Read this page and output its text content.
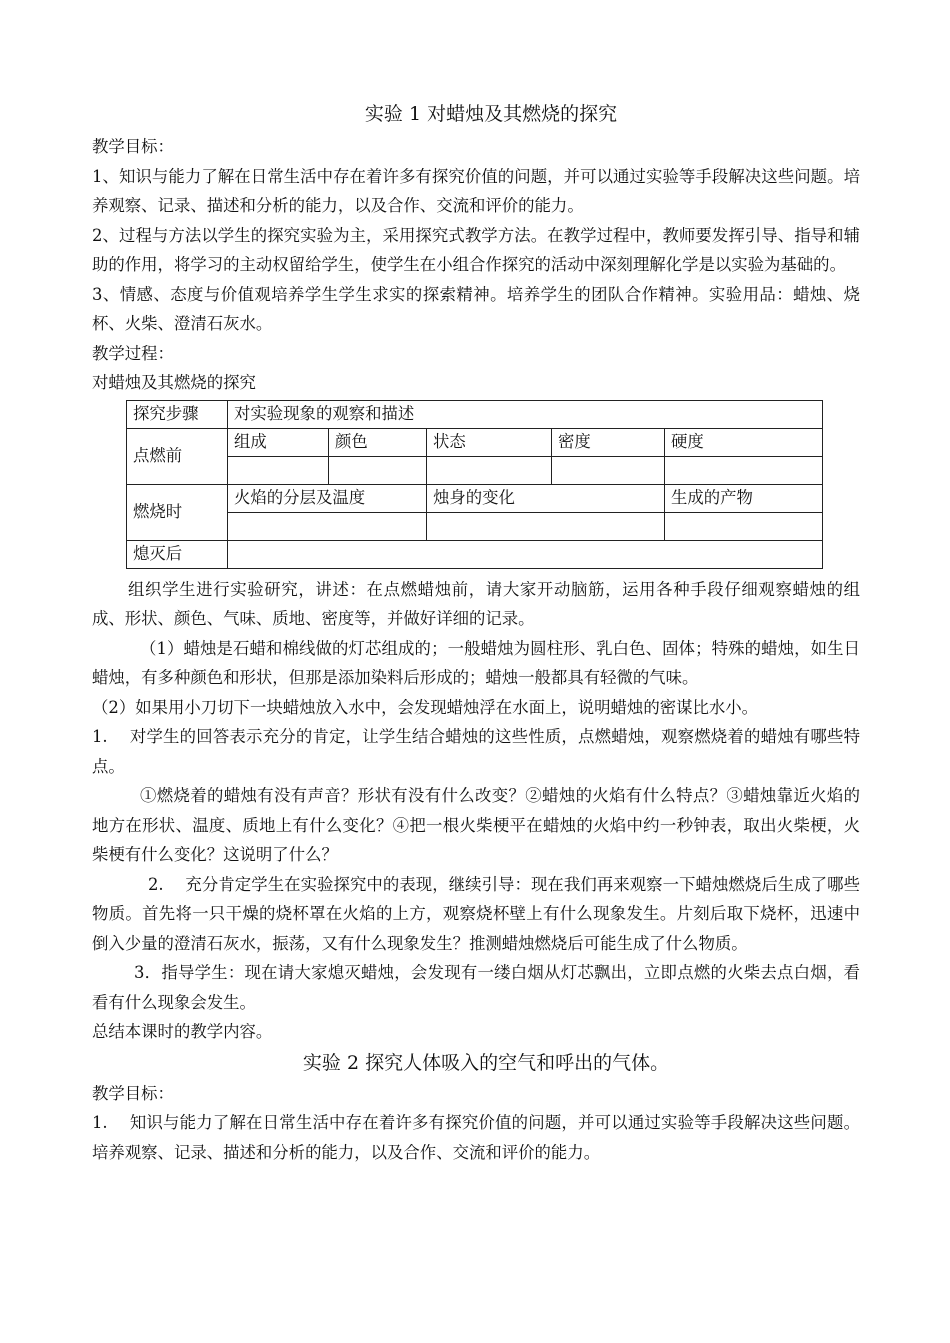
实验 1 对蜡烛及其燃烧的探究

教学目标：

1、知识与能力了解在日常生活中存在着许多有探究价值的问题，并可以通过实验等手段解决这些问题。培养观察、记录、描述和分析的能力，以及合作、交流和评价的能力。

2、过程与方法以学生的探究实验为主，采用探究式教学方法。在教学过程中，教师要发挥引导、指导和辅助的作用，将学习的主动权留给学生，使学生在小组合作探究的活动中深刻理解化学是以实验为基础的。

3、情感、态度与价值观培养学生学生求实的探索精神。培养学生的团队合作精神。实验用品：蜡烛、烧杯、火柴、澄清石灰水。

教学过程：

对蜡烛及其燃烧的探究

探究步骤	对实验现象的观察和描述				
点燃前	组成	颜色	状态	密度	硬度

燃烧时	火焰的分层及温度		烛身的变化		生成的产物

熄灭后					

组织学生进行实验研究，讲述：在点燃蜡烛前，请大家开动脑筋，运用各种手段仔细观察蜡烛的组成、形状、颜色、气味、质地、密度等，并做好详细的记录。

（1）蜡烛是石蜡和棉线做的灯芯组成的；一般蜡烛为圆柱形、乳白色、固体；特殊的蜡烛，如生日蜡烛，有多种颜色和形状，但那是添加染料后形成的；蜡烛一般都具有轻微的气味。

（2）如果用小刀切下一块蜡烛放入水中，会发现蜡烛浮在水面上，说明蜡烛的密谋比水小。

1.　 对学生的回答表示充分的肯定，让学生结合蜡烛的这些性质，点燃蜡烛，观察燃烧着的蜡烛有哪些特点。

①燃烧着的蜡烛有没有声音？形状有没有什么改变？②蜡烛的火焰有什么特点？③蜡烛靠近火焰的地方在形状、温度、质地上有什么变化？④把一根火柴梗平在蜡烛的火焰中约一秒钟表，取出火柴梗，火柴梗有什么变化？这说明了什么？

2.　 充分肯定学生在实验探究中的表现，继续引导：现在我们再来观察一下蜡烛燃烧后生成了哪些物质。首先将一只干燥的烧杯罩在火焰的上方，观察烧杯壁上有什么现象发生。片刻后取下烧杯，迅速中倒入少量的澄清石灰水，振荡，又有什么现象发生？推测蜡烛燃烧后可能生成了什么物质。

3．指导学生：现在请大家熄灭蜡烛，会发现有一缕白烟从灯芯飘出，立即点燃的火柴去点白烟，看看有什么现象会发生。

总结本课时的教学内容。

实验 2 探究人体吸入的空气和呼出的气体。

教学目标：

1.　 知识与能力了解在日常生活中存在着许多有探究价值的问题，并可以通过实验等手段解决这些问题。培养观察、记录、描述和分析的能力，以及合作、交流和评价的能力。
